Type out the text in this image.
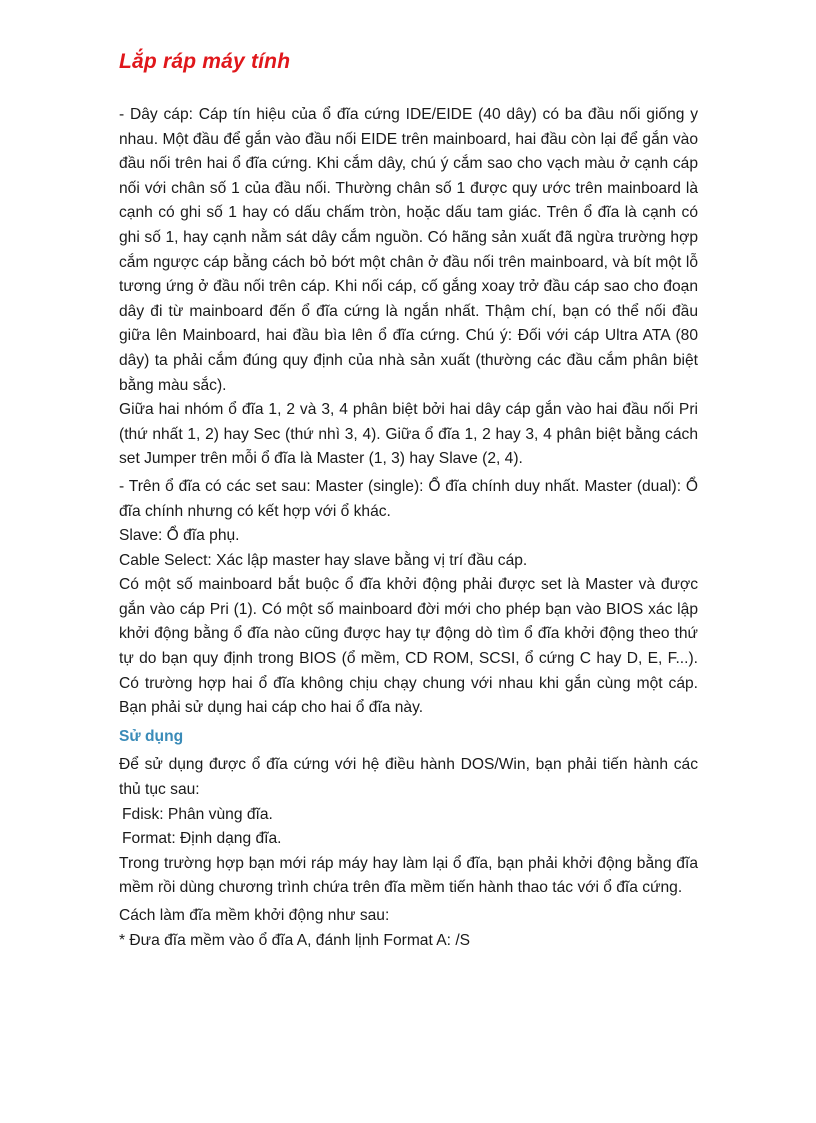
Lắp ráp máy tính

- Dây cáp: Cáp tín hiệu của ổ đĩa cứng IDE/EIDE (40 dây) có ba đầu nối giống y nhau. Một đầu để gắn vào đầu nối EIDE trên mainboard, hai đầu còn lại để gắn vào đầu nối trên hai ổ đĩa cứng. Khi cắm dây, chú ý cắm sao cho vạch màu ở cạnh cáp nối với chân số 1 của đầu nối. Thường chân số 1 được quy ước trên mainboard là cạnh có ghi số 1 hay có dấu chấm tròn, hoặc dấu tam giác. Trên ổ đĩa là cạnh có ghi số 1, hay cạnh nằm sát dây cắm nguồn. Có hãng sản xuất đã ngừa trường hợp cắm ngược cáp bằng cách bỏ bớt một chân ở đầu nối trên mainboard, và bít một lỗ tương ứng ở đầu nối trên cáp. Khi nối cáp, cố gắng xoay trở đầu cáp sao cho đoạn dây đi từ mainboard đến ổ đĩa cứng là ngắn nhất. Thậm chí, bạn có thể nối đầu giữa lên Mainboard, hai đầu bìa lên ổ đĩa cứng. Chú ý: Đối với cáp Ultra ATA (80 dây) ta phải cắm đúng quy định của nhà sản xuất (thường các đầu cắm phân biệt bằng màu sắc).

Giữa hai nhóm ổ đĩa 1, 2 và 3, 4 phân biệt bởi hai dây cáp gắn vào hai đầu nối Pri (thứ nhất 1, 2) hay Sec (thứ nhì 3, 4). Giữa ổ đĩa 1, 2 hay 3, 4 phân biệt bằng cách set Jumper trên mỗi ổ đĩa là Master (1, 3) hay Slave (2, 4).

- Trên ổ đĩa có các set sau: Master (single): Ổ đĩa chính duy nhất. Master (dual): Ổ đĩa chính nhưng có kết hợp với ổ khác.

Slave: Ổ đĩa phụ.

Cable Select: Xác lập master hay slave bằng vị trí đầu cáp.

Có một số mainboard bắt buộc ổ đĩa khởi động phải được set là Master và được gắn vào cáp Pri (1). Có một số mainboard đời mới cho phép bạn vào BIOS xác lập khởi động bằng ổ đĩa nào cũng được hay tự động dò tìm ổ đĩa khởi động theo thứ tự do bạn quy định trong BIOS (ổ mềm, CD ROM, SCSI, ổ cứng C hay D, E, F...). Có trường hợp hai ổ đĩa không chịu chạy chung với nhau khi gắn cùng một cáp. Bạn phải sử dụng hai cáp cho hai ổ đĩa này.

Sử dụng

Để sử dụng được ổ đĩa cứng với hệ điều hành DOS/Win, bạn phải tiến hành các thủ tục sau:

Fdisk: Phân vùng đĩa.

Format: Định dạng đĩa.

Trong trường hợp bạn mới ráp máy hay làm lại ổ đĩa, bạn phải khởi động bằng đĩa mềm rồi dùng chương trình chứa trên đĩa mềm tiến hành thao tác với ổ đĩa cứng.

Cách làm đĩa mềm khởi động như sau:

* Đưa đĩa mềm vào ổ đĩa A, đánh lịnh Format A: /S
